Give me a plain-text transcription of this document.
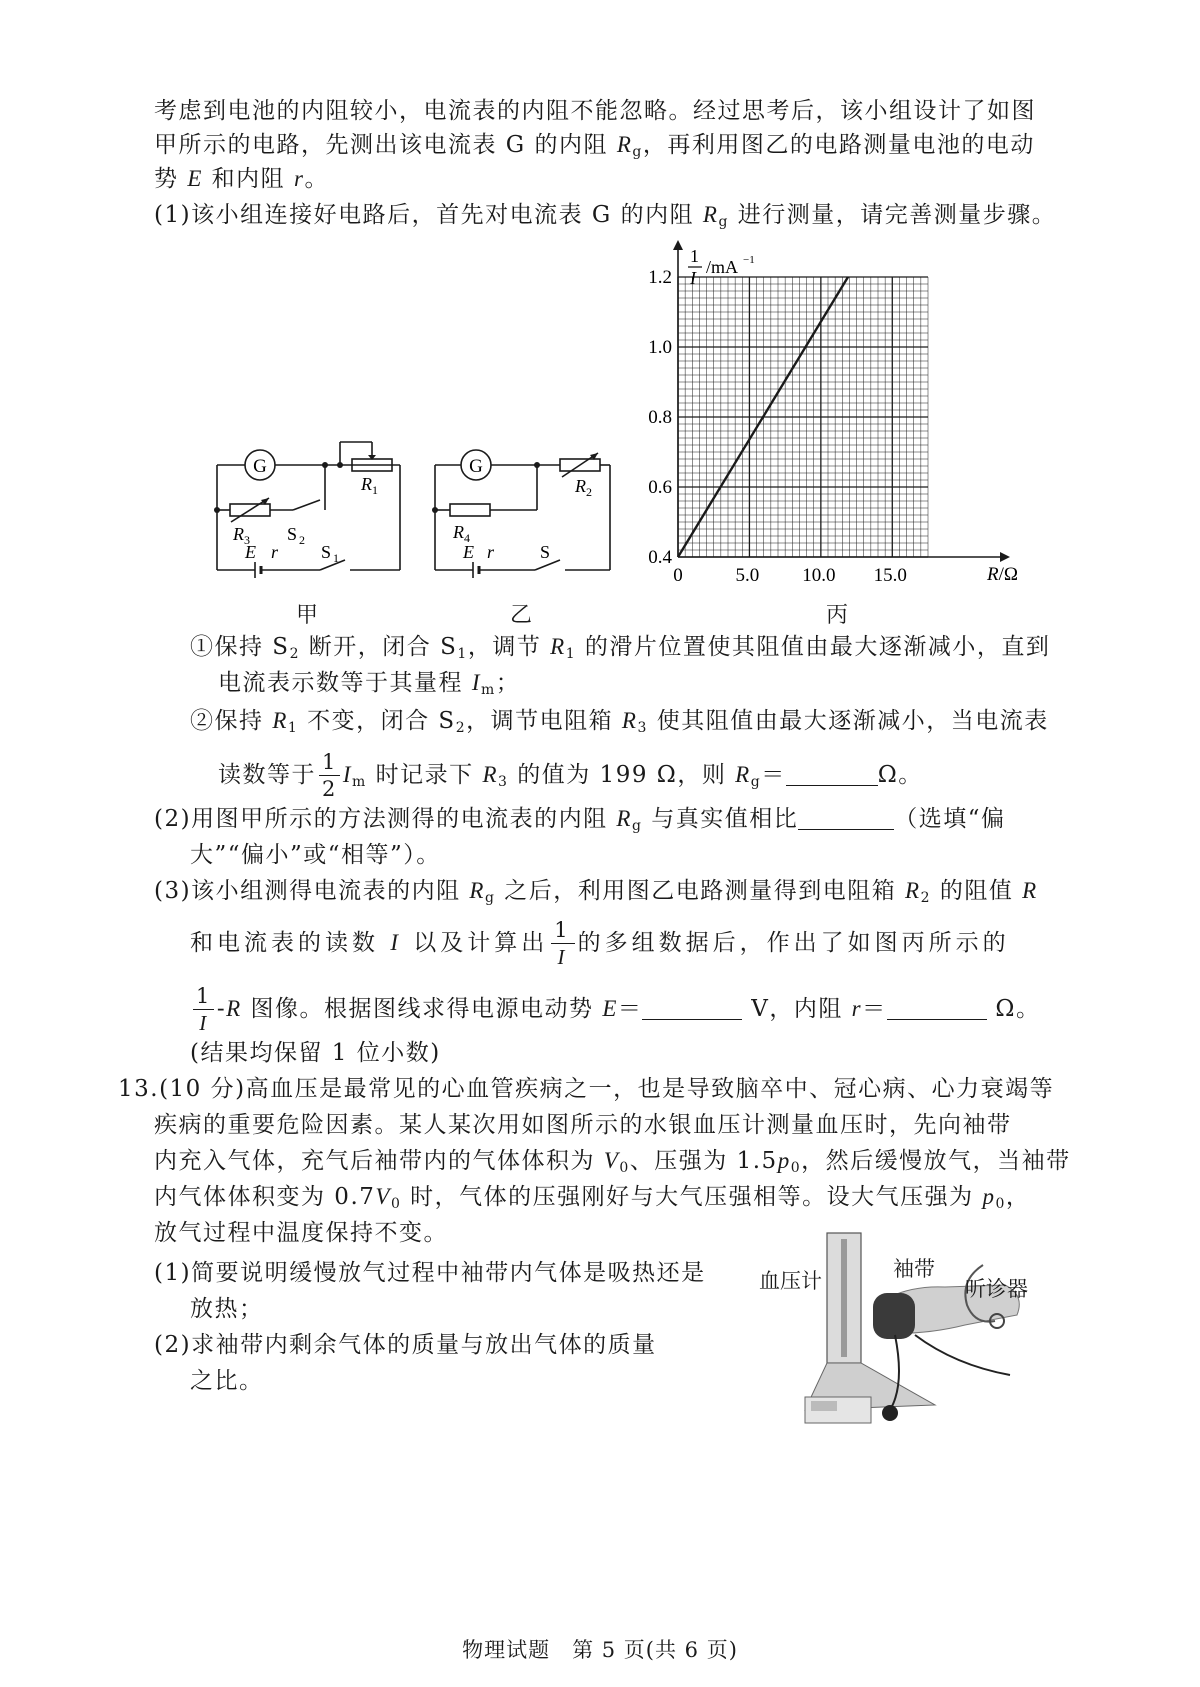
考虑到电池的内阻较小，电流表的内阻不能忽略。经过思考后，该小组设计了如图
甲所示的电路，先测出该电流表 G 的内阻 $R_g$，再利用图乙的电路测量电池的电动
势 E 和内阻 r。
(1)该小组连接好电路后，首先对电流表 G 的内阻 $R_g$ 进行测量，请完善测量步骤。
G
R 1
R 3 S 2
E r S 1
G
R 2
R 4
E r	S
0	5.0 10.0 15.0
0.4
0.6
0.8
1.0
1.2
1
I
/mA −1
R/Ω
甲	乙	丙
①保持 $S_2$ 断开，闭合 $S_1$，调节 $R_1$ 的滑片位置使其阻值由最大逐渐减小，直到
电流表示数等于其量程 $I_m$；
②保持 $R_1$ 不变，闭合 $S_2$，调节电阻箱 $R_3$ 使其阻值由最大逐渐减小，当电流表
读数等于 $\frac{1}{2} I_m$ 时记录下 $R_3$ 的值为 199 Ω，则 $R_g=$	Ω。
(2)用图甲所示的方法测得的电流表的内阻 $R_g$ 与真实值相比	（选填“偏
大”“偏小”或“相等”）。
(3)该小组测得电流表的内阻 $R_g$ 之后，利用图乙电路测量得到电阻箱 $R_2$ 的阻值 R
和电流表的读数 I 以及计算出 $\frac{1}{I}$ 的多组数据后，作出了如图丙所示的
$\frac{1}{I} -R$ 图像。根据图线求得电源电动势 E＝	V，内阻 r＝	Ω。
(结果均保留 1 位小数)
13.(10 分)高血压是最常见的心血管疾病之一，也是导致脑卒中、冠心病、心力衰竭等
疾病的重要危险因素。某人某次用如图所示的水银血压计测量血压时，先向袖带
内充入气体，充气后袖带内的气体体积为 $V_0$、压强为 $1.5p_0$，然后缓慢放气，当袖带
内气体体积变为 $0.7V_0$ 时，气体的压强刚好与大气压强相等。设大气压强为 $p_0$，
放气过程中温度保持不变。
(1)简要说明缓慢放气过程中袖带内气体是吸热还是
放热；
(2)求袖带内剩余气体的质量与放出气体的质量
之比。
血压计	袖带
听诊器
物理试题　第 5 页(共 6 页)
